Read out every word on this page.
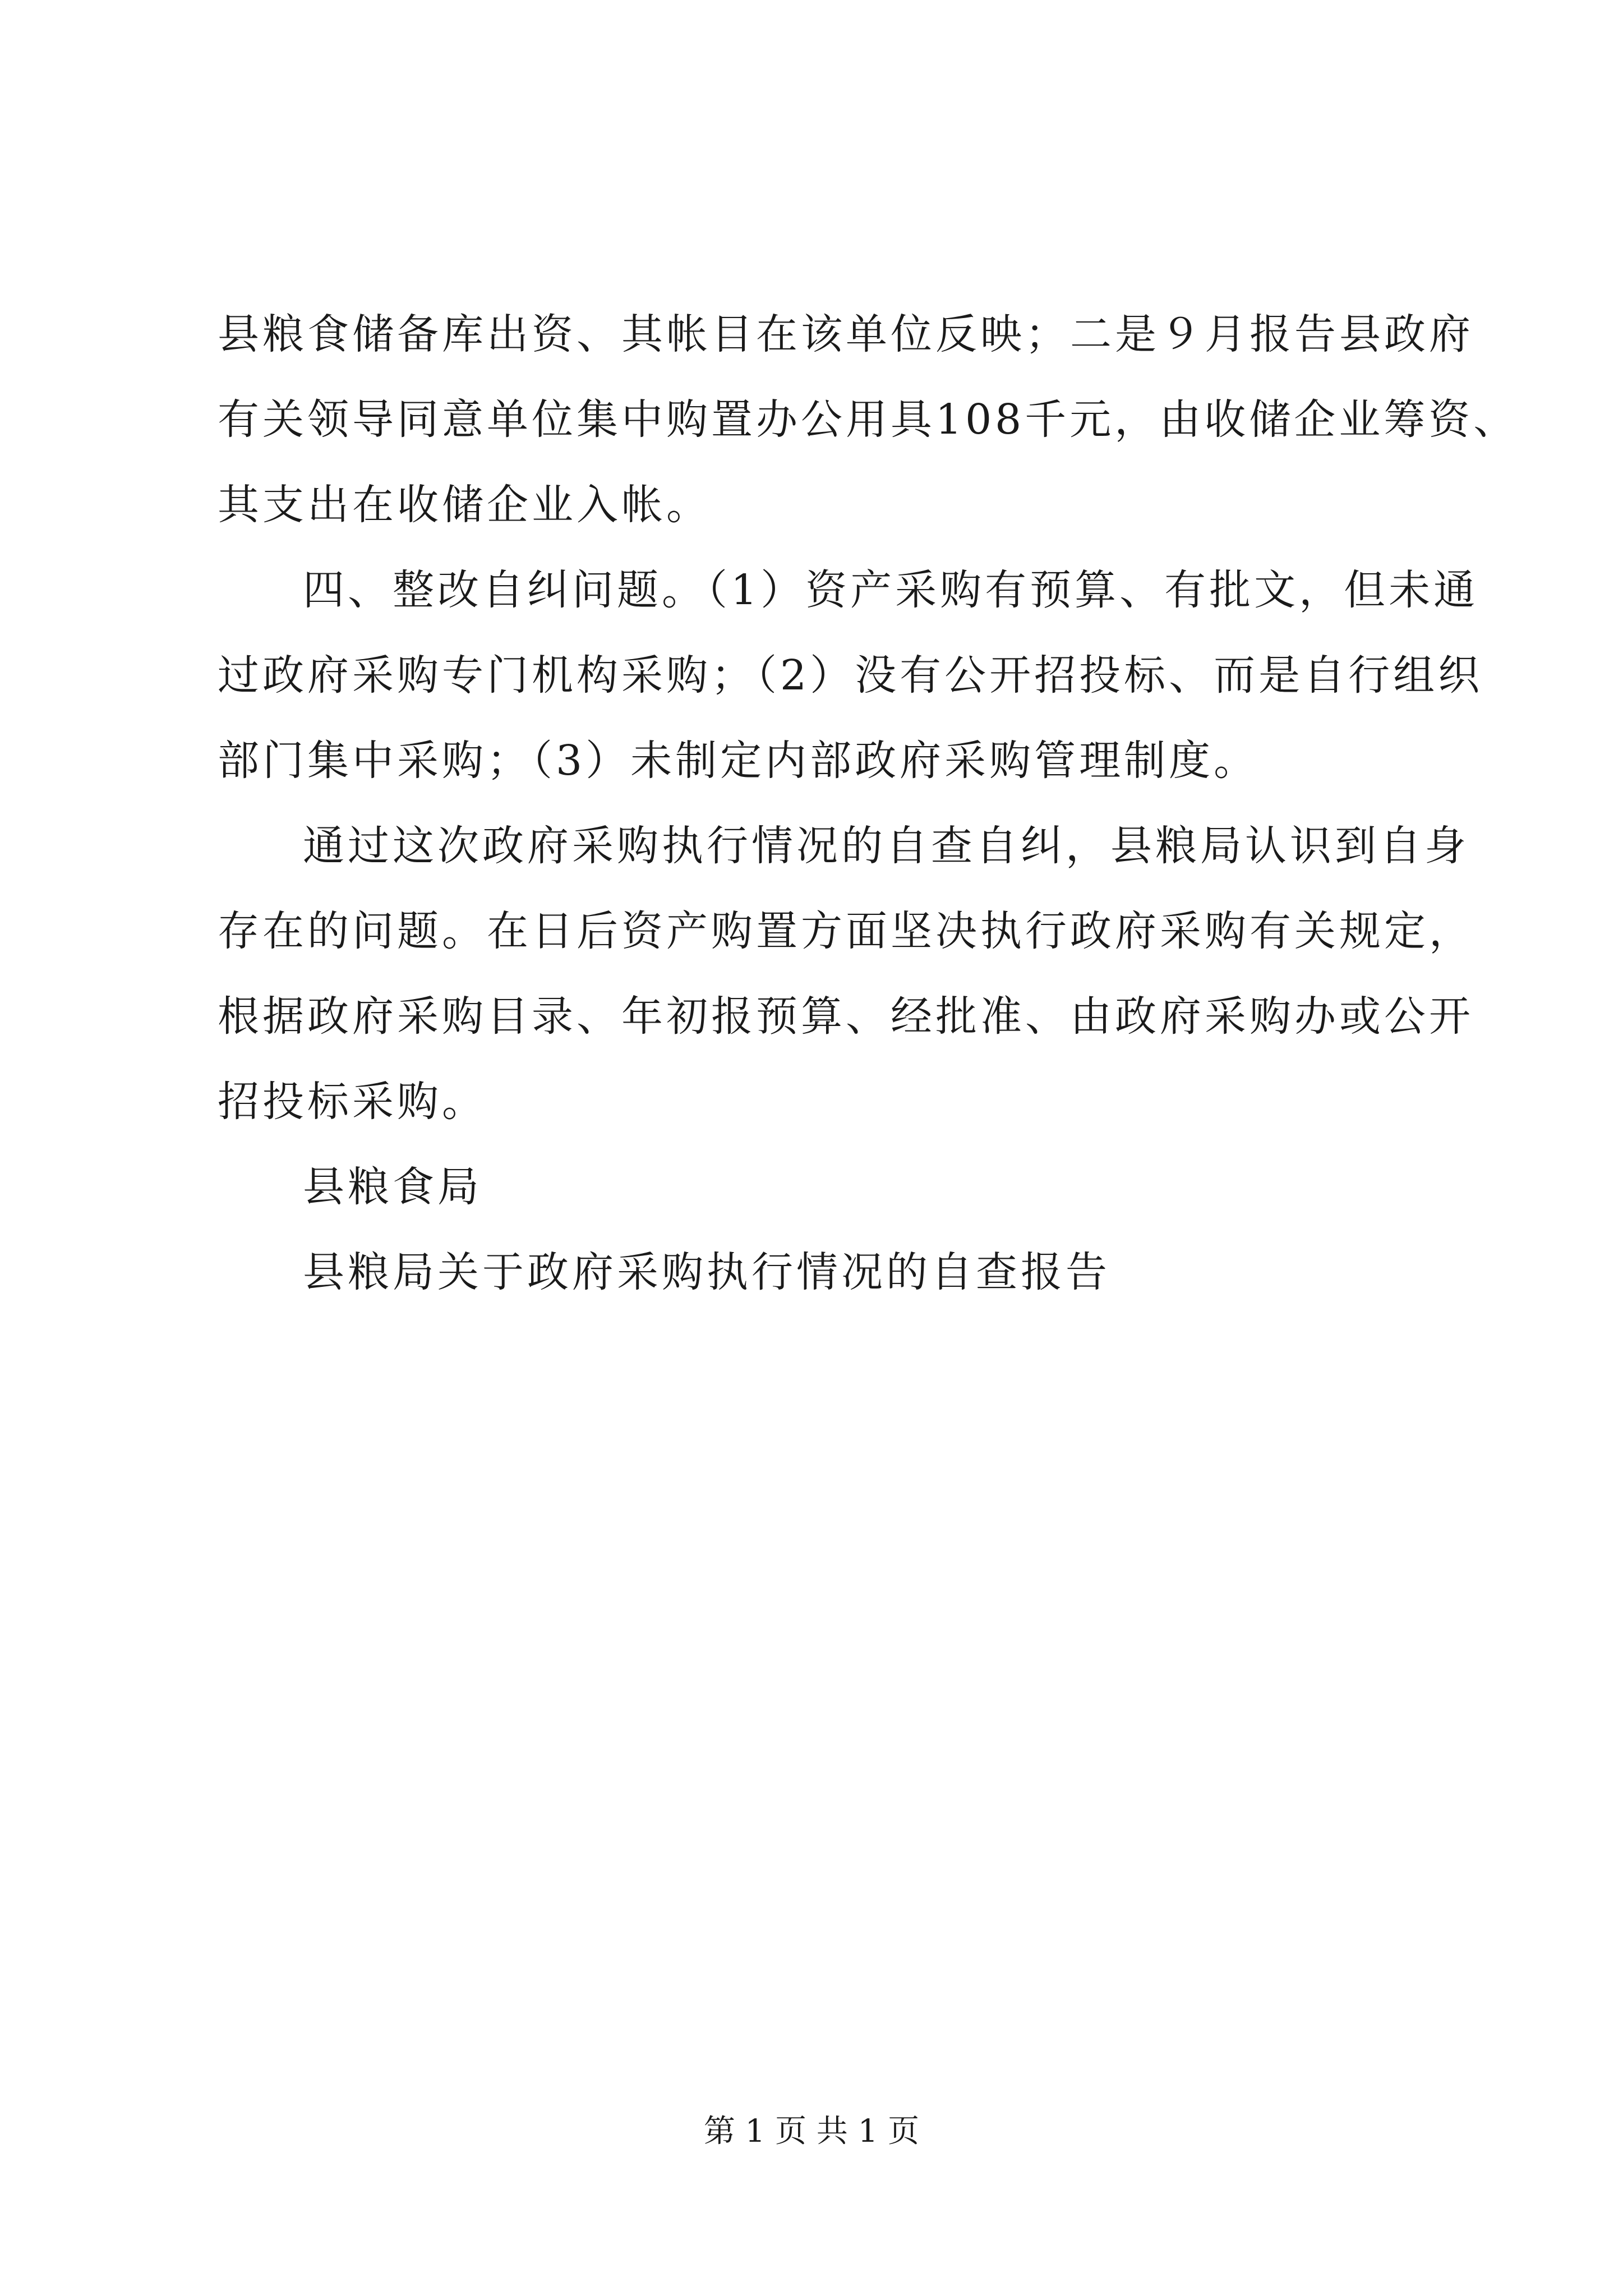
县粮食储备库出资、其帐目在该单位反映；二是９月报告县政府
有关领导同意单位集中购置办公用具108千元，由收储企业筹资、
其支出在收储企业入帐。
四、整改自纠问题。（1）资产采购有预算、有批文，但未通
过政府采购专门机构采购；（2）没有公开招投标、而是自行组织
部门集中采购；（3）未制定内部政府采购管理制度。
通过这次政府采购执行情况的自查自纠，县粮局认识到自身
存在的问题。在日后资产购置方面坚决执行政府采购有关规定，
根据政府采购目录、年初报预算、经批准、由政府采购办或公开
招投标采购。
县粮食局
县粮局关于政府采购执行情况的自查报告
第 1 页 共 1 页
